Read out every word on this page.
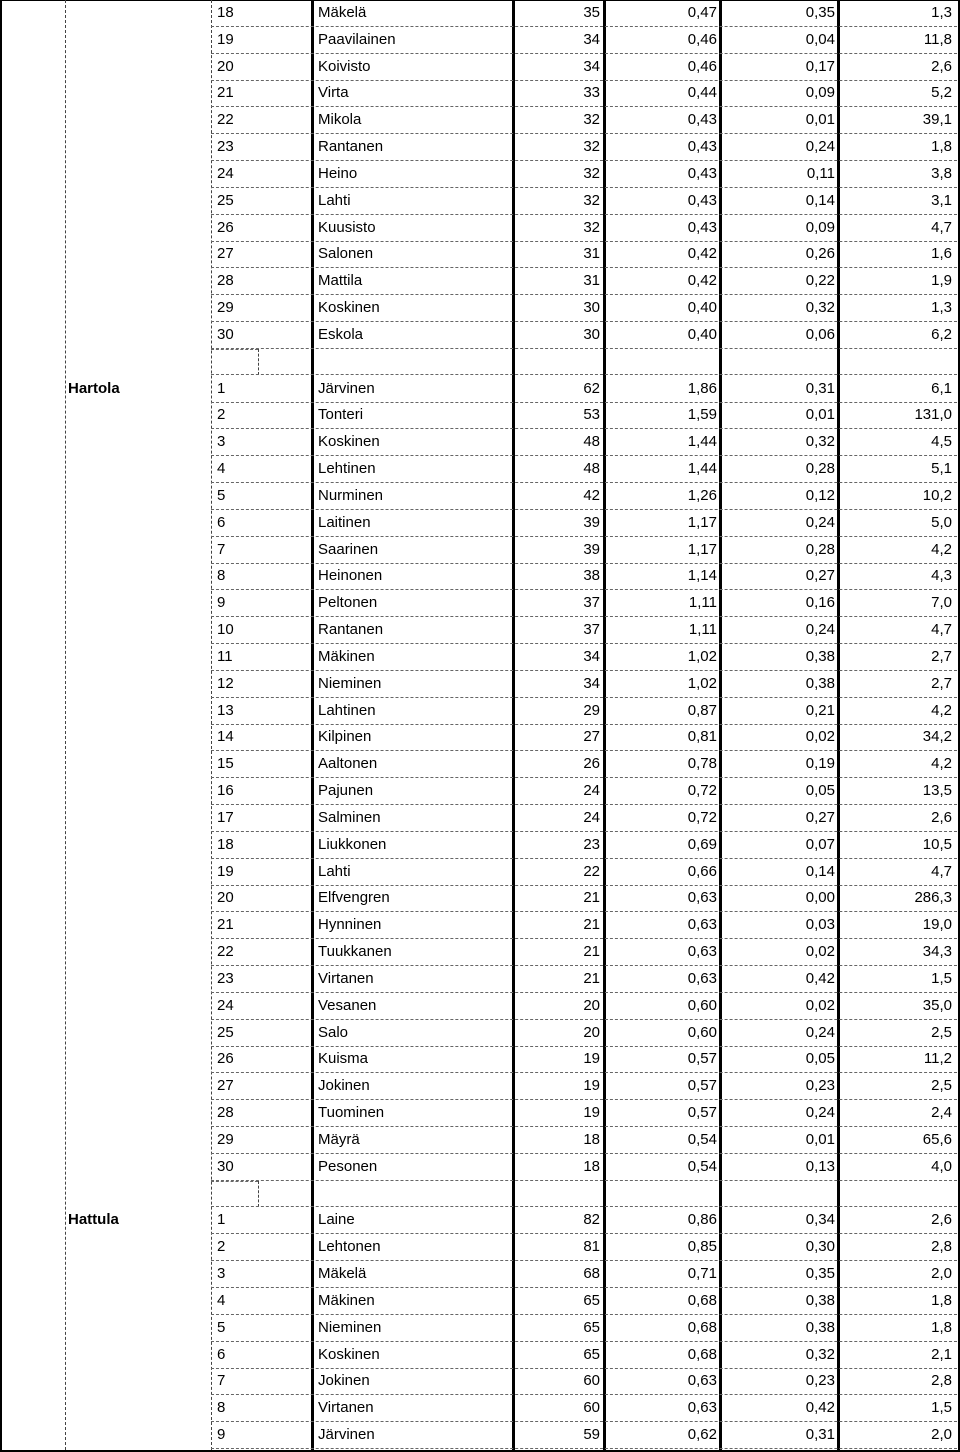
18	Mäkelä	35	0,47	0,35	1,3
19	Paavilainen	34	0,46	0,04	11,8
20	Koivisto	34	0,46	0,17	2,6
21	Virta	33	0,44	0,09	5,2
22	Mikola	32	0,43	0,01	39,1
23	Rantanen	32	0,43	0,24	1,8
24	Heino	32	0,43	0,11	3,8
25	Lahti	32	0,43	0,14	3,1
26	Kuusisto	32	0,43	0,09	4,7
27	Salonen	31	0,42	0,26	1,6
28	Mattila	31	0,42	0,22	1,9
29	Koskinen	30	0,40	0,32	1,3
30	Eskola	30	0,40	0,06	6,2
Hartola	1	Järvinen	62	1,86	0,31	6,1
2	Tonteri	53	1,59	0,01	131,0
3	Koskinen	48	1,44	0,32	4,5
4	Lehtinen	48	1,44	0,28	5,1
5	Nurminen	42	1,26	0,12	10,2
6	Laitinen	39	1,17	0,24	5,0
7	Saarinen	39	1,17	0,28	4,2
8	Heinonen	38	1,14	0,27	4,3
9	Peltonen	37	1,11	0,16	7,0
10	Rantanen	37	1,11	0,24	4,7
11	Mäkinen	34	1,02	0,38	2,7
12	Nieminen	34	1,02	0,38	2,7
13	Lahtinen	29	0,87	0,21	4,2
14	Kilpinen	27	0,81	0,02	34,2
15	Aaltonen	26	0,78	0,19	4,2
16	Pajunen	24	0,72	0,05	13,5
17	Salminen	24	0,72	0,27	2,6
18	Liukkonen	23	0,69	0,07	10,5
19	Lahti	22	0,66	0,14	4,7
20	Elfvengren	21	0,63	0,00	286,3
21	Hynninen	21	0,63	0,03	19,0
22	Tuukkanen	21	0,63	0,02	34,3
23	Virtanen	21	0,63	0,42	1,5
24	Vesanen	20	0,60	0,02	35,0
25	Salo	20	0,60	0,24	2,5
26	Kuisma	19	0,57	0,05	11,2
27	Jokinen	19	0,57	0,23	2,5
28	Tuominen	19	0,57	0,24	2,4
29	Mäyrä	18	0,54	0,01	65,6
30	Pesonen	18	0,54	0,13	4,0
Hattula	1	Laine	82	0,86	0,34	2,6
2	Lehtonen	81	0,85	0,30	2,8
3	Mäkelä	68	0,71	0,35	2,0
4	Mäkinen	65	0,68	0,38	1,8
5	Nieminen	65	0,68	0,38	1,8
6	Koskinen	65	0,68	0,32	2,1
7	Jokinen	60	0,63	0,23	2,8
8	Virtanen	60	0,63	0,42	1,5
9	Järvinen	59	0,62	0,31	2,0
